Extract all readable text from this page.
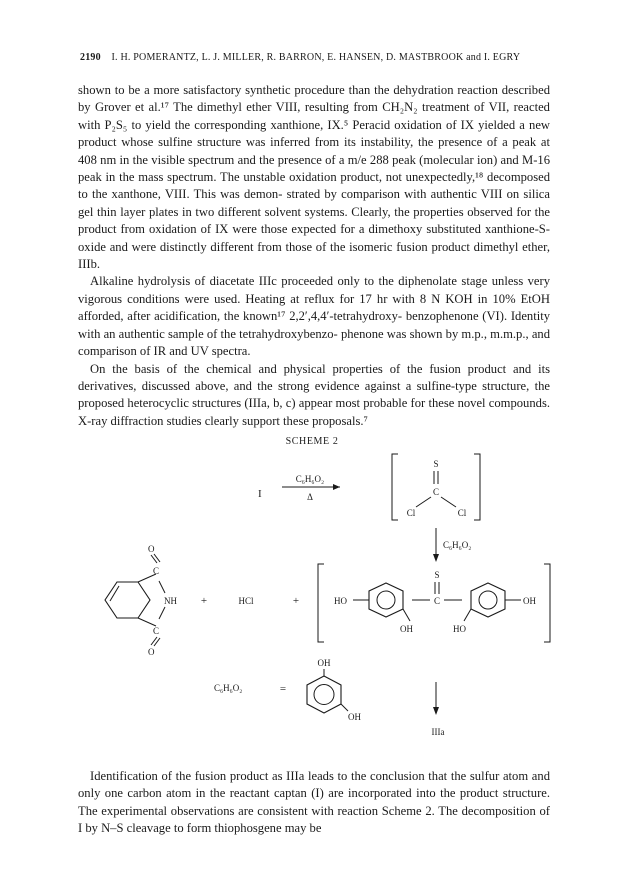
2190 I. H. POMERANTZ, L. J. MILLER, R. BARRON, E. HANSEN, D. MASTBROOK and I. EGRY

shown to be a more satisfactory synthetic procedure than the dehydration reaction described by Grover et al.¹⁷ The dimethyl ether VIII, resulting from CH₂N₂ treatment of VII, reacted with P₂S₅ to yield the corresponding xanthione, IX.⁵ Peracid oxidation of IX yielded a new product whose sulfine structure was inferred from its instability, the presence of a peak at 408 nm in the visible spectrum and the presence of a m/e 288 peak (molecular ion) and M-16 peak in the mass spectrum. The unstable oxidation product, not unexpectedly,¹⁸ decomposed to the xanthone, VIII. This was demon- strated by comparison with authentic VIII on silica gel thin layer plates in two different solvent systems. Clearly, the properties observed for the product from oxidation of IX were those expected for a dimethoxy substituted xanthione-S-oxide and were distinctly different from those of the isomeric fusion product dimethyl ether, IIIb.

Alkaline hydrolysis of diacetate IIIc proceeded only to the diphenolate stage unless very vigorous conditions were used. Heating at reflux for 17 hr with 8 N KOH in 10% EtOH afforded, after acidification, the known¹⁷ 2,2′,4,4′-tetrahydroxy- benzophenone (VI). Identity with an authentic sample of the tetrahydroxybenzo- phenone was shown by m.p., m.m.p., and comparison of IR and UV spectra.

On the basis of the chemical and physical properties of the fusion product and its derivatives, discussed above, and the strong evidence against a sulfine-type structure, the proposed heterocyclic structures (IIIa, b, c) appear most probable for these novel compounds. X-ray diffraction studies clearly support these proposals.⁷

SCHEME 2
I
C₆H₆O₂
Δ
S
C
Cl	Cl
C₆H₆O₂
O
C
NH
C
O
+	HCl	+
S
C
HO	OH
OH	HO
C₆H₆O₂	=
OH
OH
IIIa

Identification of the fusion product as IIIa leads to the conclusion that the sulfur atom and only one carbon atom in the reactant captan (I) are incorporated into the product structure. The experimental observations are consistent with reaction Scheme 2. The decomposition of I by N–S cleavage to form thiophosgene may be
